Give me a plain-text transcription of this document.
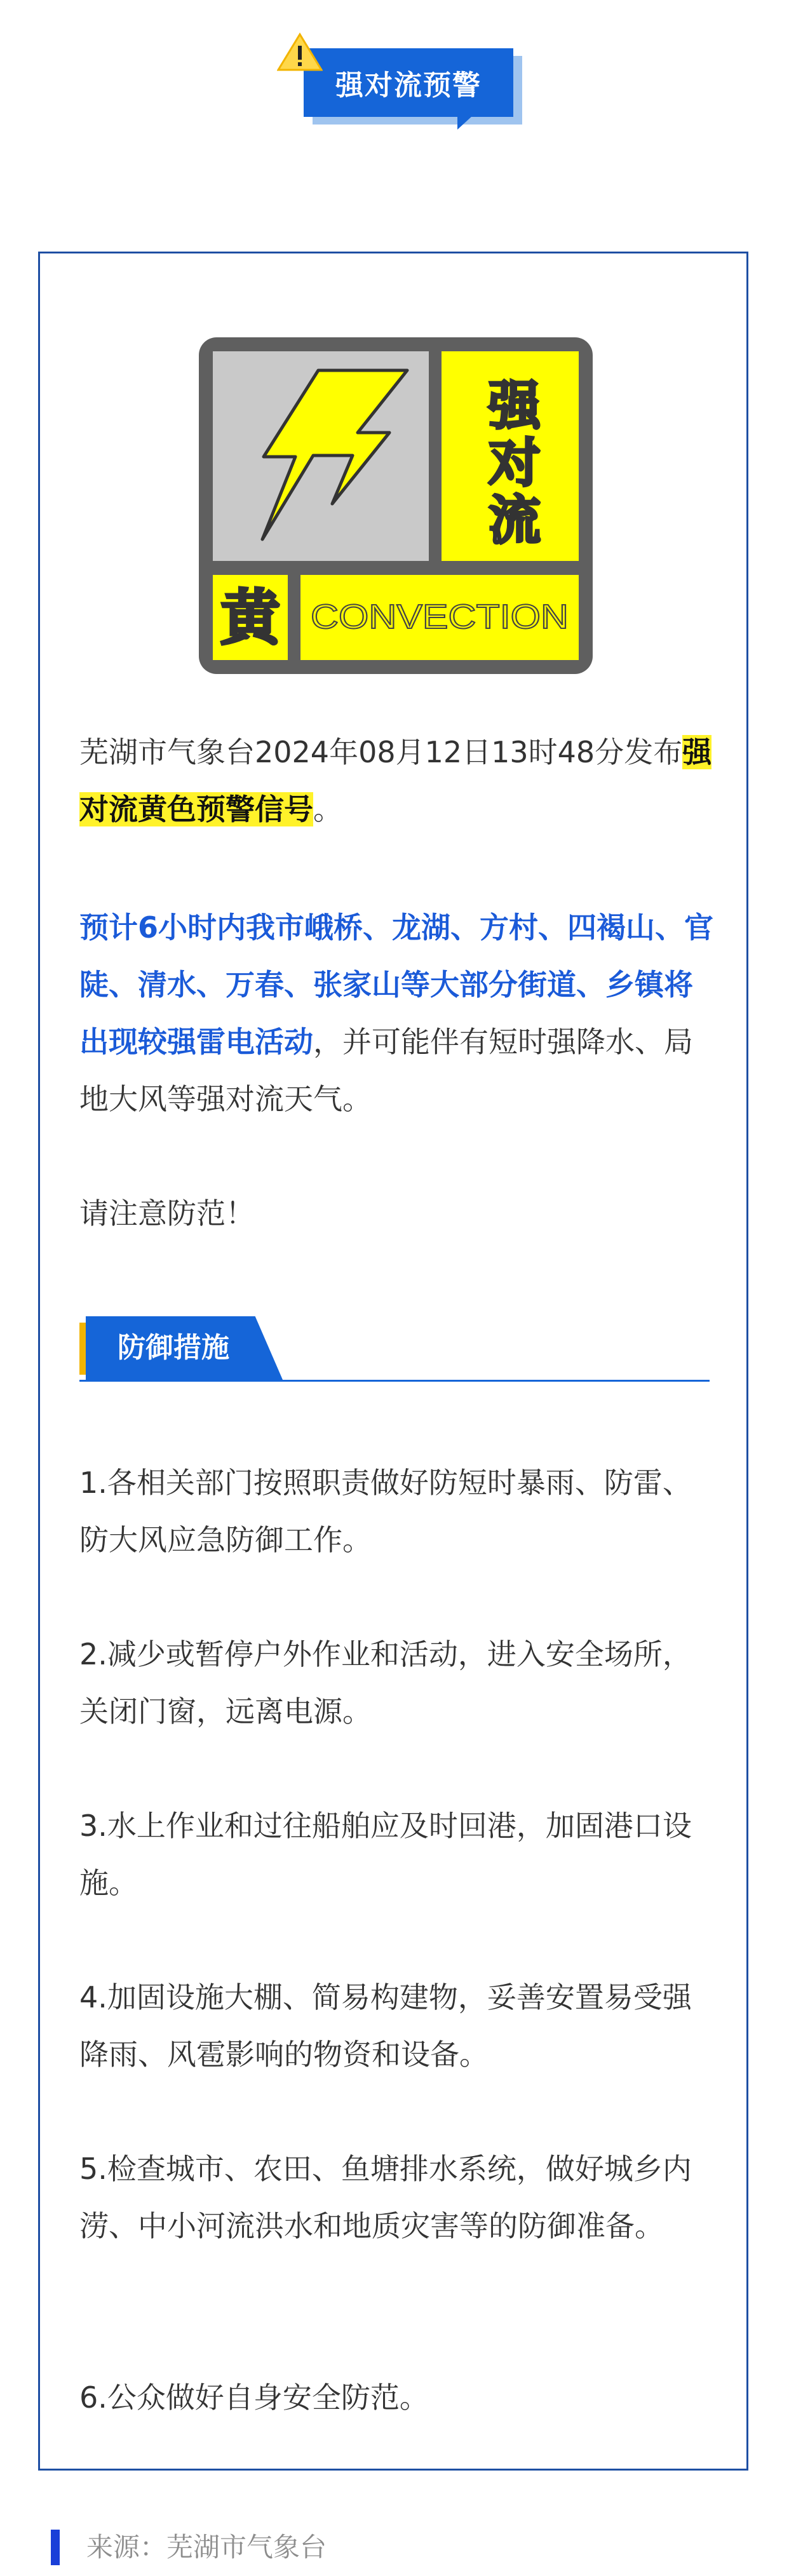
强对流预警
强对流
黄 CONVECTION

芜湖市气象台2024年08月12日13时48分发布强对流黄色预警信号。

预计6小时内我市峨桥、龙湖、方村、四褐山、官陡、清水、万春、张家山等大部分街道、乡镇将出现较强雷电活动，并可能伴有短时强降水、局地大风等强对流天气。

请注意防范！

防御措施

1.各相关部门按照职责做好防短时暴雨、防雷、防大风应急防御工作。

2.减少或暂停户外作业和活动，进入安全场所，关闭门窗，远离电源。

3.水上作业和过往船舶应及时回港，加固港口设施。

4.加固设施大棚、简易构建物，妥善安置易受强降雨、风雹影响的物资和设备。

5.检查城市、农田、鱼塘排水系统，做好城乡内涝、中小河流洪水和地质灾害等的防御准备。

6.公众做好自身安全防范。

来源：芜湖市气象台
